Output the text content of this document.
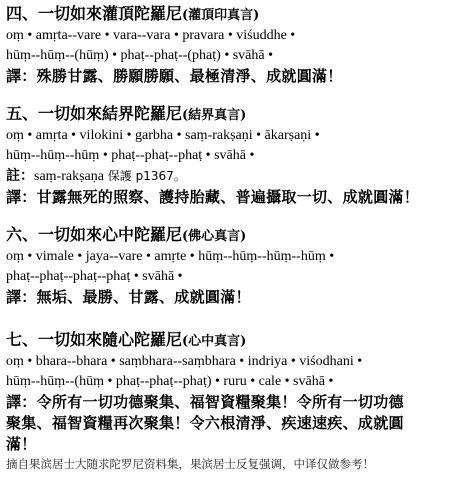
四、一切如來灌頂陀羅尼(灌頂印真言)
oṃ • amṛta--vare • vara--vara • pravara • viśuddhe •
hūṃ--hūṃ--(hūṃ) • phaṭ--phaṭ--(phaṭ) • svāhā •
譯：殊勝甘露、勝願勝願、最極清淨、成就圓滿！
五、一切如來結界陀羅尼(結界真言)
oṃ • amṛta • vilokini • garbha • saṃ-rakṣaṇi • ākarṣaṇi •
hūṃ--hūṃ--hūṃ • phaṭ--phaṭ--phaṭ • svāhā •
註：saṃ-rakṣaṇa 保護 p1367。
譯：甘露無死的照察、護持胎藏、普遍攝取一切、成就圓滿！
六、一切如來心中陀羅尼(佛心真言)
oṃ • vimale • jaya--vare • amṛte • hūṃ--hūṃ--hūṃ--hūṃ •
phaṭ--phaṭ--phaṭ--phaṭ • svāhā •
譯：無垢、最勝、甘露、成就圓滿！
七、一切如來隨心陀羅尼(心中真言)
oṃ • bhara--bhara • saṃbhara--saṃbhara • indriya • viśodhani •
hūṃ--hūṃ--(hūṃ • phaṭ--phaṭ--phaṭ) • ruru • cale • svāhā •
譯：令所有一切功德聚集、福智資糧聚集！令所有一切功德
聚集、福智資糧再次聚集！令六根清淨、疾速速疾、成就圓
滿！
摘自果滨居士大随求陀罗尼资料集，果滨居士反复强调，中译仅做参考！
